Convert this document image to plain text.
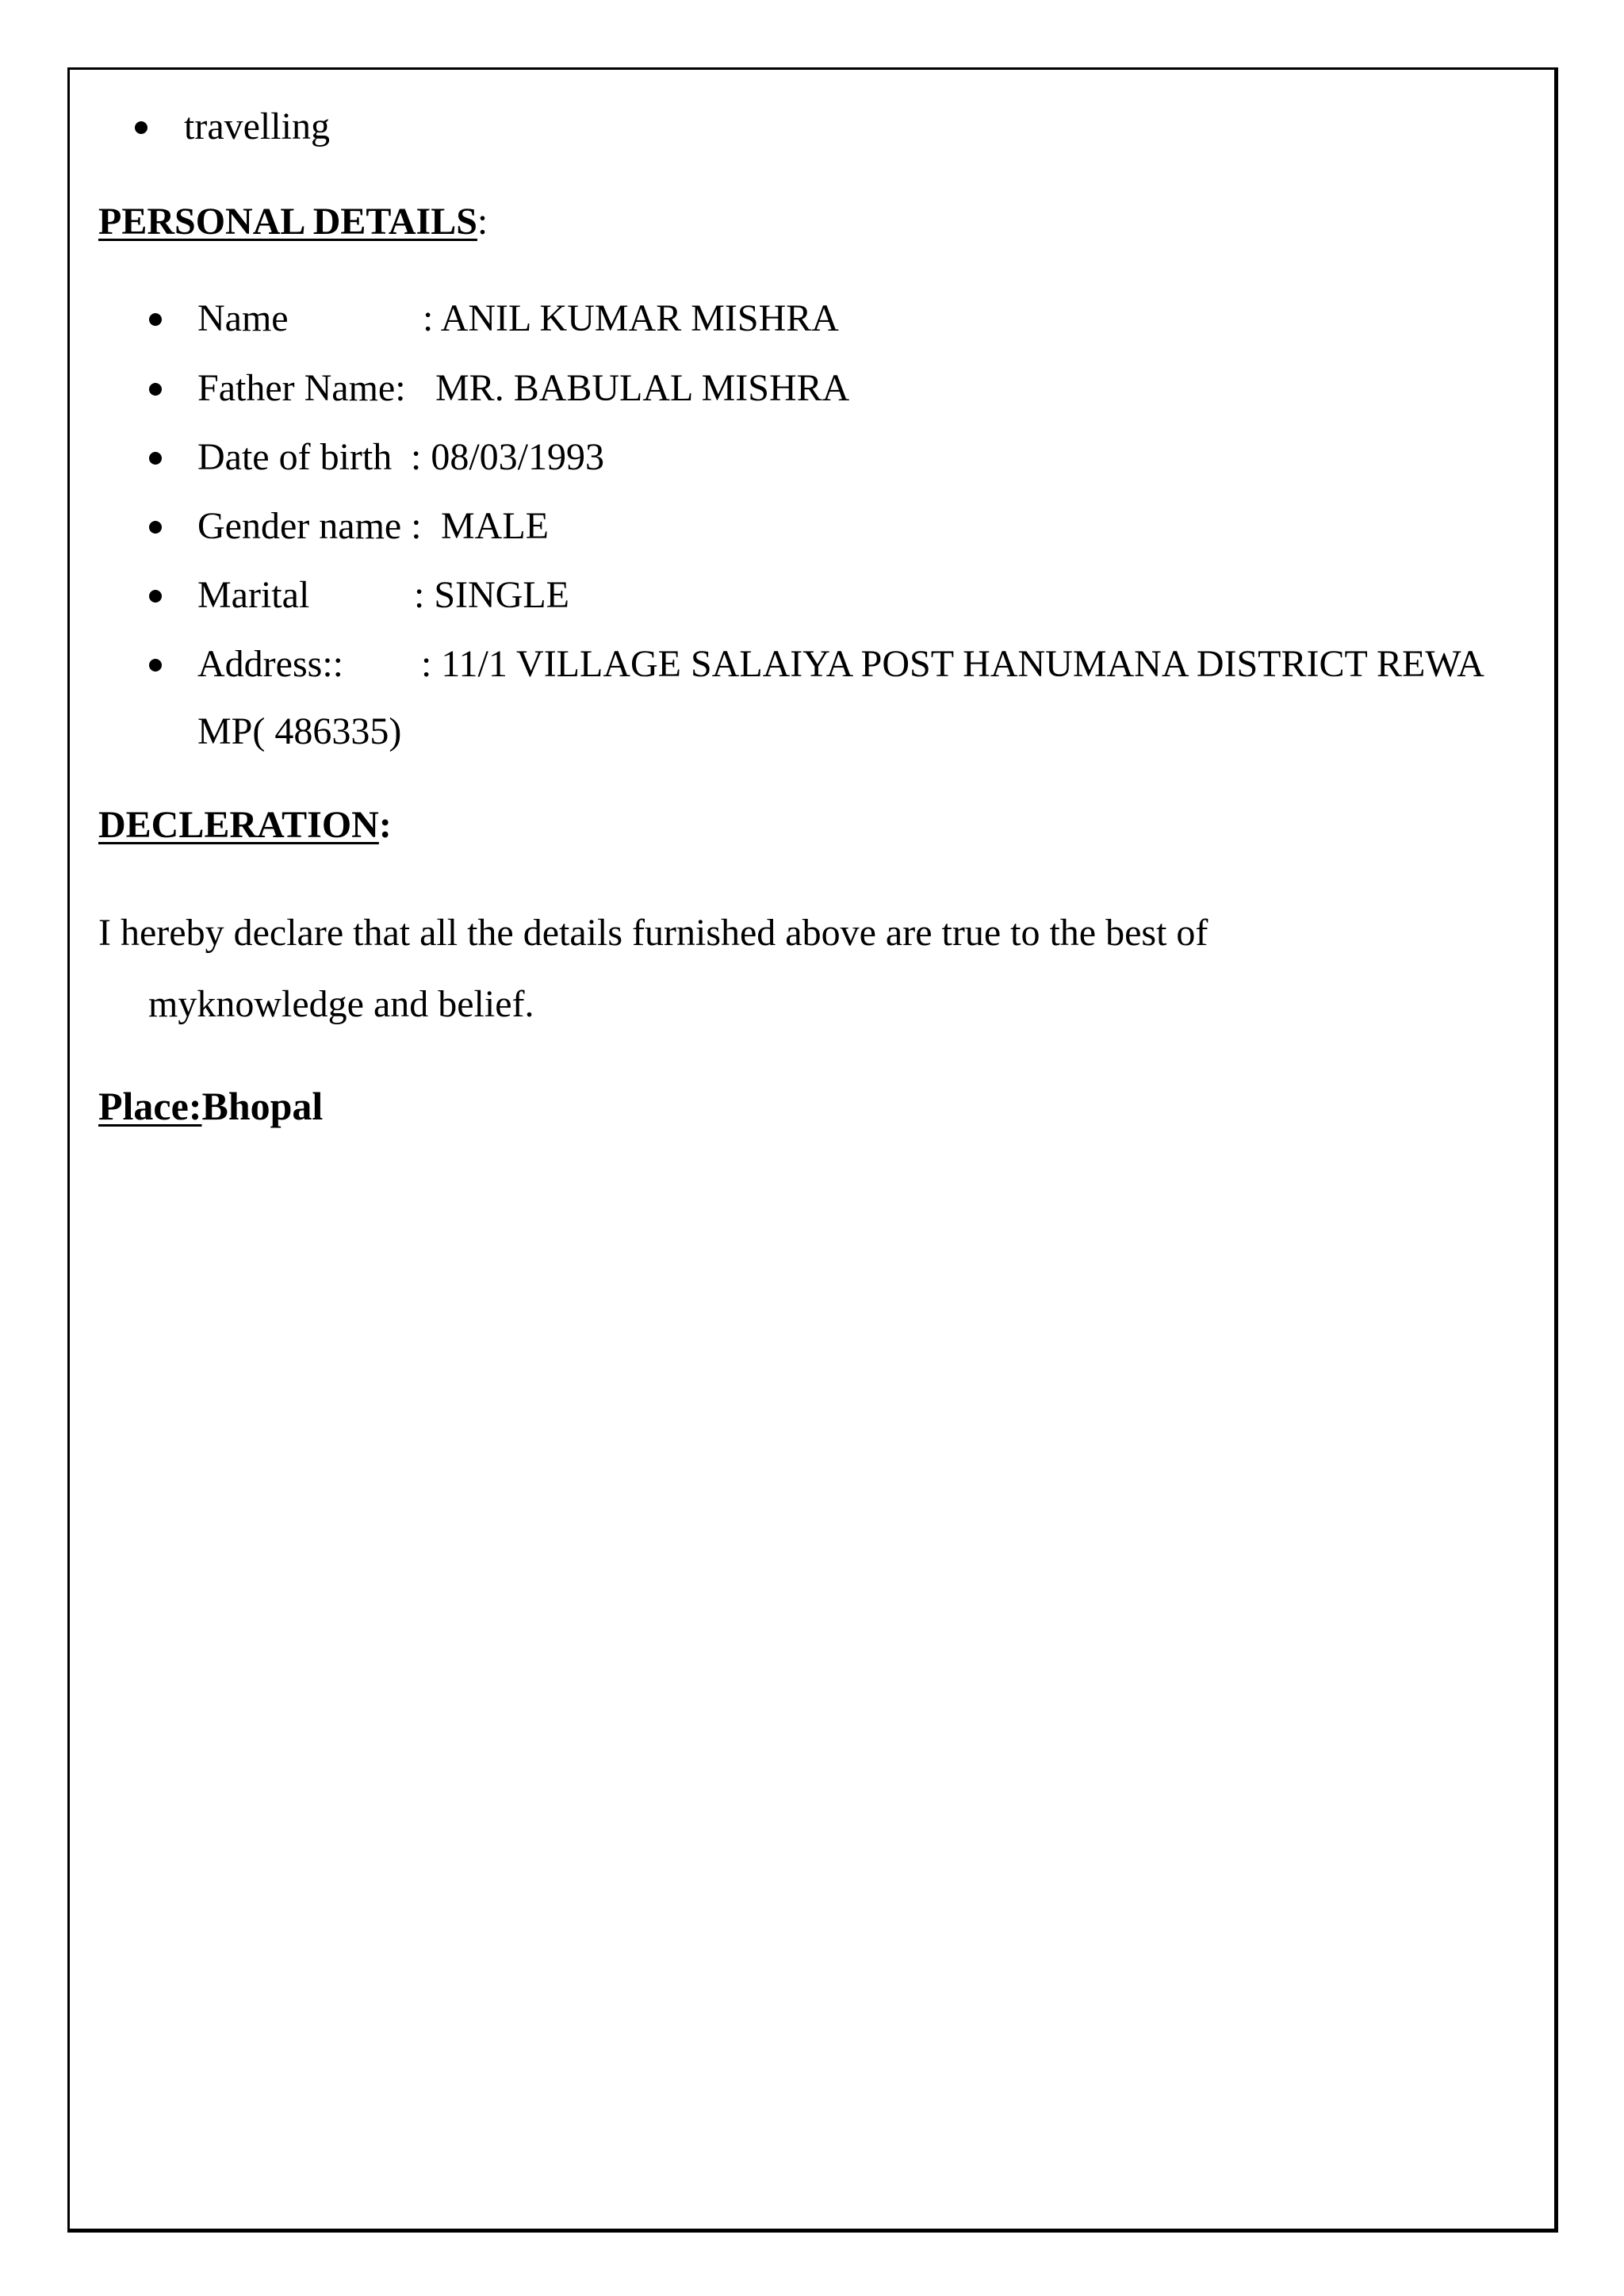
travelling
PERSONAL DETAILS:
Name	: ANIL KUMAR MISHRA
Father Name: MR. BABULAL MISHRA
Date of birth : 08/03/1993
Gender name : MALE
Marital	: SINGLE
Address:: : 11/1 VILLAGE SALAIYA POST HANUMANA DISTRICT REWA
MP( 486335)
DECLERATION:
I hereby declare that all the details furnished above are true to the best of
myknowledge and belief.
Place:Bhopal
